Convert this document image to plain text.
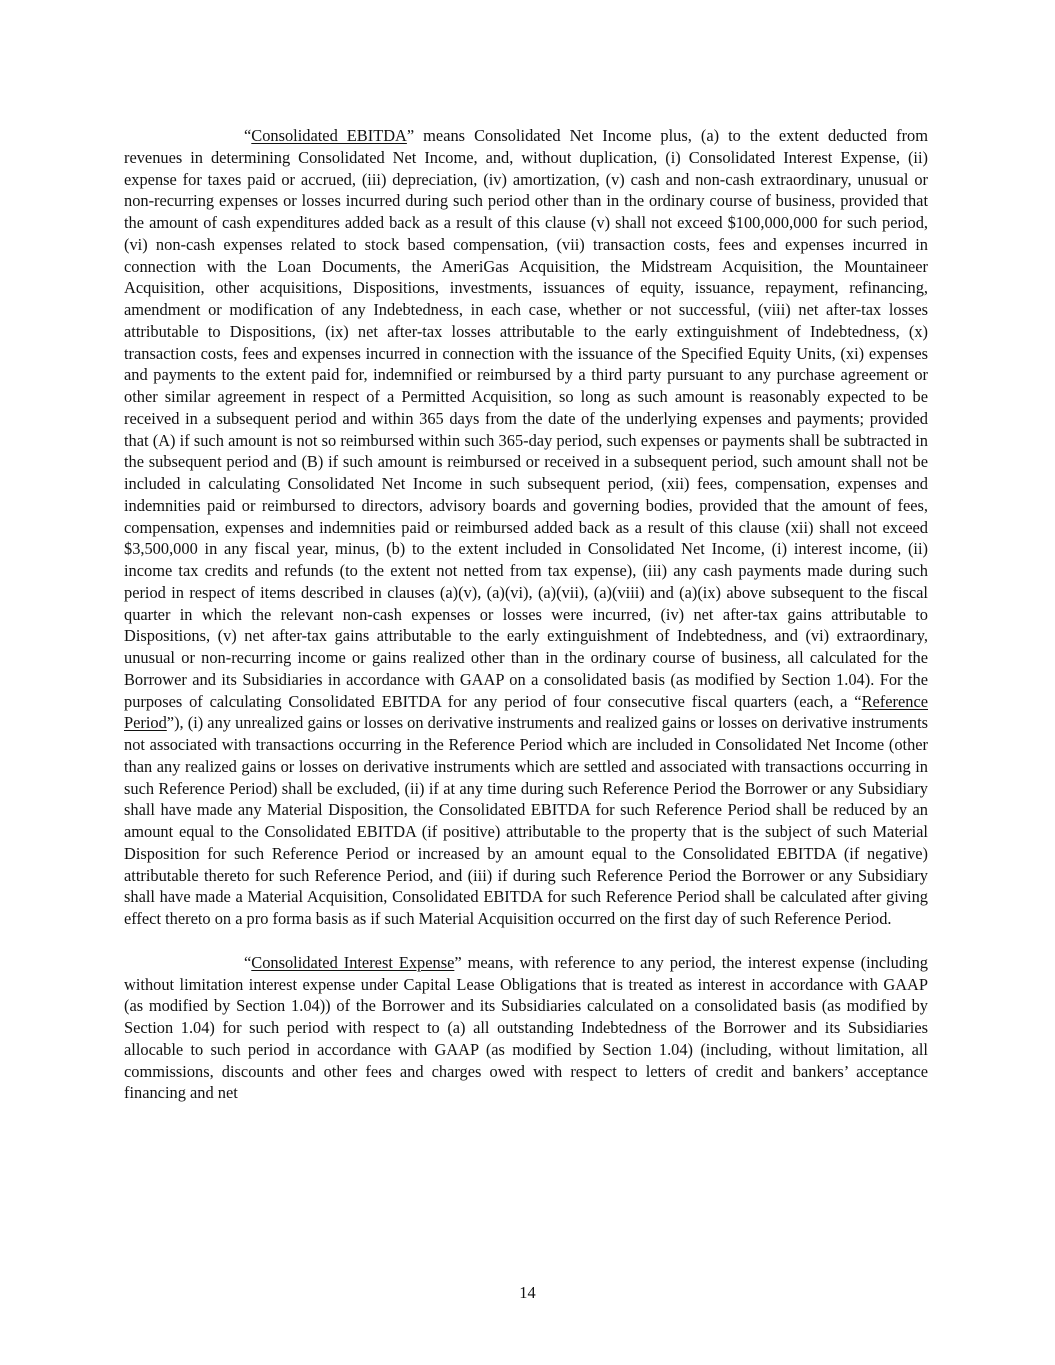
“Consolidated EBITDA” means Consolidated Net Income plus, (a) to the extent deducted from revenues in determining Consolidated Net Income, and, without duplication, (i) Consolidated Interest Expense, (ii) expense for taxes paid or accrued, (iii) depreciation, (iv) amortization, (v) cash and non-cash extraordinary, unusual or non-recurring expenses or losses incurred during such period other than in the ordinary course of business, provided that the amount of cash expenditures added back as a result of this clause (v) shall not exceed $100,000,000 for such period, (vi) non-cash expenses related to stock based compensation, (vii) transaction costs, fees and expenses incurred in connection with the Loan Documents, the AmeriGas Acquisition, the Midstream Acquisition, the Mountaineer Acquisition, other acquisitions, Dispositions, investments, issuances of equity, issuance, repayment, refinancing, amendment or modification of any Indebtedness, in each case, whether or not successful, (viii) net after-tax losses attributable to Dispositions, (ix) net after-tax losses attributable to the early extinguishment of Indebtedness, (x) transaction costs, fees and expenses incurred in connection with the issuance of the Specified Equity Units, (xi) expenses and payments to the extent paid for, indemnified or reimbursed by a third party pursuant to any purchase agreement or other similar agreement in respect of a Permitted Acquisition, so long as such amount is reasonably expected to be received in a subsequent period and within 365 days from the date of the underlying expenses and payments; provided that (A) if such amount is not so reimbursed within such 365-day period, such expenses or payments shall be subtracted in the subsequent period and (B) if such amount is reimbursed or received in a subsequent period, such amount shall not be included in calculating Consolidated Net Income in such subsequent period, (xii) fees, compensation, expenses and indemnities paid or reimbursed to directors, advisory boards and governing bodies, provided that the amount of fees, compensation, expenses and indemnities paid or reimbursed added back as a result of this clause (xii) shall not exceed $3,500,000 in any fiscal year, minus, (b) to the extent included in Consolidated Net Income, (i) interest income, (ii) income tax credits and refunds (to the extent not netted from tax expense), (iii) any cash payments made during such period in respect of items described in clauses (a)(v), (a)(vi), (a)(vii), (a)(viii) and (a)(ix) above subsequent to the fiscal quarter in which the relevant non-cash expenses or losses were incurred, (iv) net after-tax gains attributable to Dispositions, (v) net after-tax gains attributable to the early extinguishment of Indebtedness, and (vi) extraordinary, unusual or non-recurring income or gains realized other than in the ordinary course of business, all calculated for the Borrower and its Subsidiaries in accordance with GAAP on a consolidated basis (as modified by Section 1.04). For the purposes of calculating Consolidated EBITDA for any period of four consecutive fiscal quarters (each, a “Reference Period”), (i) any unrealized gains or losses on derivative instruments and realized gains or losses on derivative instruments not associated with transactions occurring in the Reference Period which are included in Consolidated Net Income (other than any realized gains or losses on derivative instruments which are settled and associated with transactions occurring in such Reference Period) shall be excluded, (ii) if at any time during such Reference Period the Borrower or any Subsidiary shall have made any Material Disposition, the Consolidated EBITDA for such Reference Period shall be reduced by an amount equal to the Consolidated EBITDA (if positive) attributable to the property that is the subject of such Material Disposition for such Reference Period or increased by an amount equal to the Consolidated EBITDA (if negative) attributable thereto for such Reference Period, and (iii) if during such Reference Period the Borrower or any Subsidiary shall have made a Material Acquisition, Consolidated EBITDA for such Reference Period shall be calculated after giving effect thereto on a pro forma basis as if such Material Acquisition occurred on the first day of such Reference Period.

“Consolidated Interest Expense” means, with reference to any period, the interest expense (including without limitation interest expense under Capital Lease Obligations that is treated as interest in accordance with GAAP (as modified by Section 1.04)) of the Borrower and its Subsidiaries calculated on a consolidated basis (as modified by Section 1.04) for such period with respect to (a) all outstanding Indebtedness of the Borrower and its Subsidiaries allocable to such period in accordance with GAAP (as modified by Section 1.04) (including, without limitation, all commissions, discounts and other fees and charges owed with respect to letters of credit and bankers’ acceptance financing and net

14
